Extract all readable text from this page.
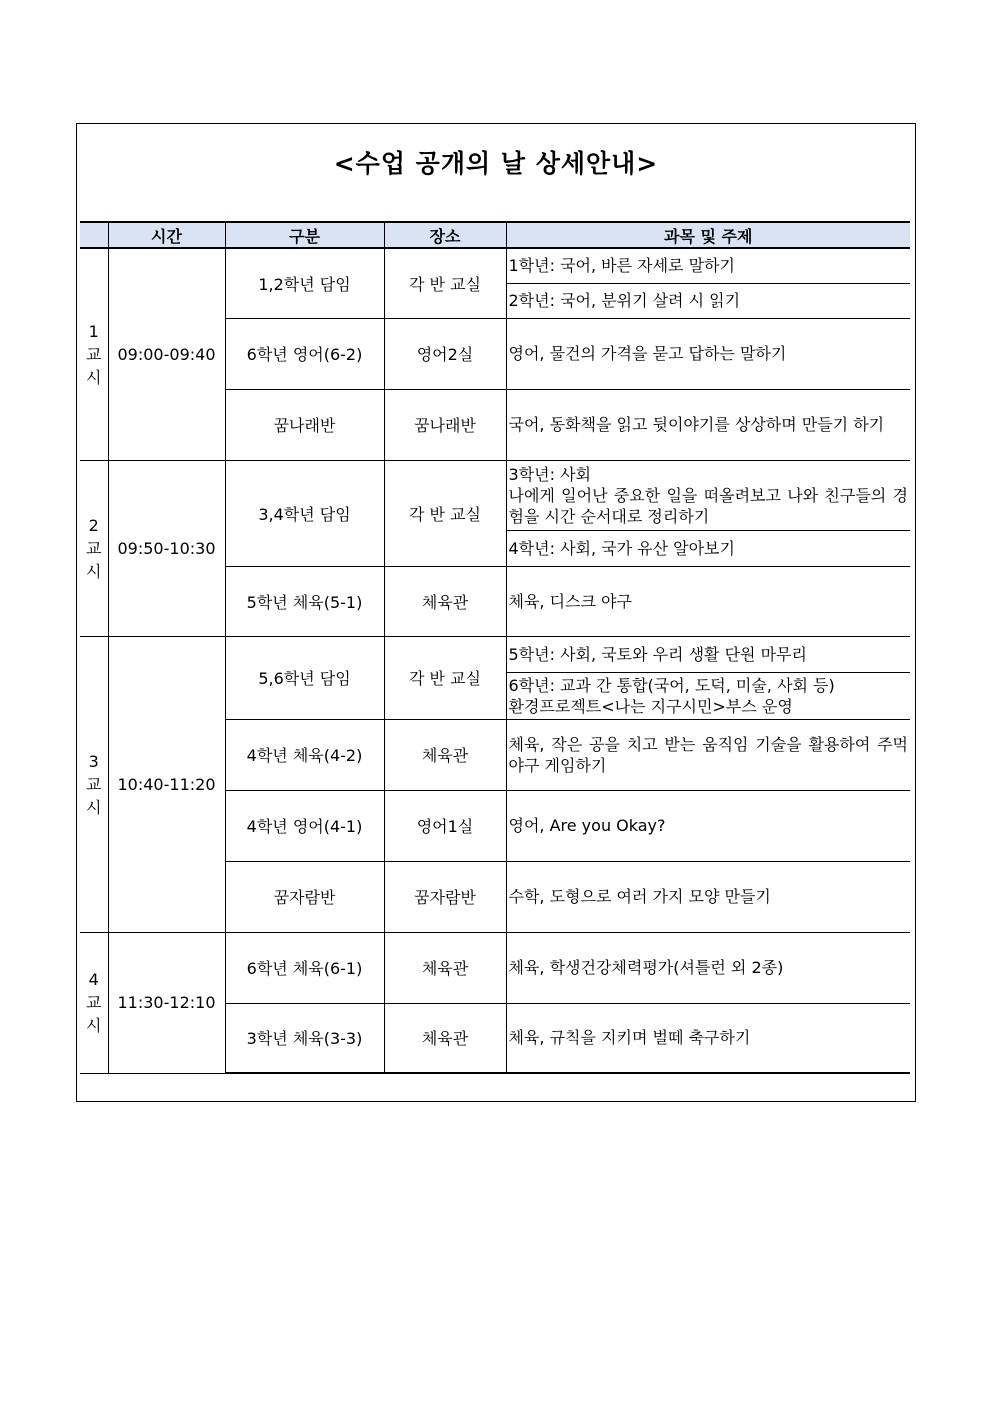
<수업 공개의 날 상세안내>
	시간	구분	장소	과목 및 주제
1
교
시	09:00-09:40	1,2학년 담임	각 반 교실	1학년: 국어, 바른 자세로 말하기
				2학년: 국어, 분위기 살려 시 읽기
		6학년 영어(6-2)	영어2실	영어, 물건의 가격을 묻고 답하는 말하기
		꿈나래반	꿈나래반	국어, 동화책을 읽고 뒷이야기를 상상하며 만들기 하기
2
교
시	09:50-10:30	3,4학년 담임	각 반 교실	3학년: 사회
나에게 일어난 중요한 일을 떠올려보고 나와 친구들의 경험을 시간 순서대로 정리하기

				4학년: 사회, 국가 유산 알아보기
		5학년 체육(5-1)	체육관	체육, 디스크 야구
3
교
시	10:40-11:20	5,6학년 담임	각 반 교실	5학년: 사회, 국토와 우리 생활 단원 마무리

				6학년: 교과 간 통합(국어, 도덕, 미술, 사회 등)
환경프로젝트<나는 지구시민>부스 운영

		4학년 체육(4-2)	체육관	체육, 작은 공을 치고 받는 움직임 기술을 활용하여 주먹야구 게임하기
		4학년 영어(4-1)	영어1실	영어, Are you Okay?
		꿈자람반	꿈자람반	수학, 도형으로 여러 가지 모양 만들기
4
교
시	11:30-12:10	6학년 체육(6-1)	체육관	체육, 학생건강체력평가(셔틀런 외 2종)
		3학년 체육(3-3)	체육관	체육, 규칙을 지키며 벌떼 축구하기
